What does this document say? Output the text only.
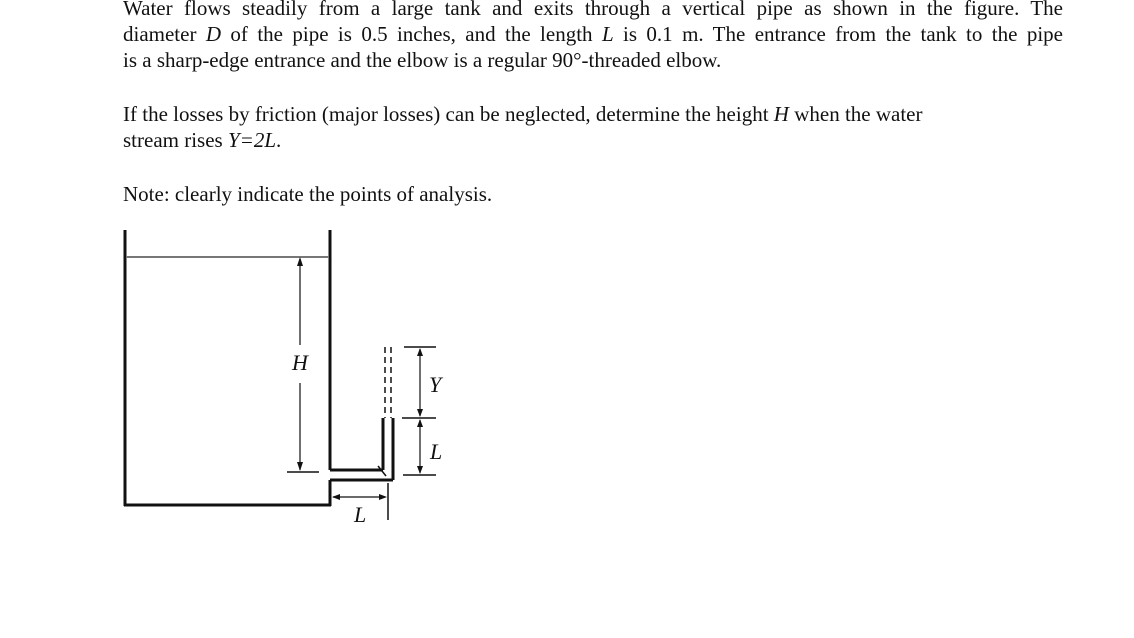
Water flows steadily from a large tank and exits through a vertical pipe as shown in the figure. The
diameter D of the pipe is 0.5 inches, and the length L is 0.1 m. The entrance from the tank to the pipe
is a sharp-edge entrance and the elbow is a regular 90°-threaded elbow.
If the losses by friction (major losses) can be neglected, determine the height H when the water
stream rises Y=2L.
Note: clearly indicate the points of analysis.
H
Y
L
L
